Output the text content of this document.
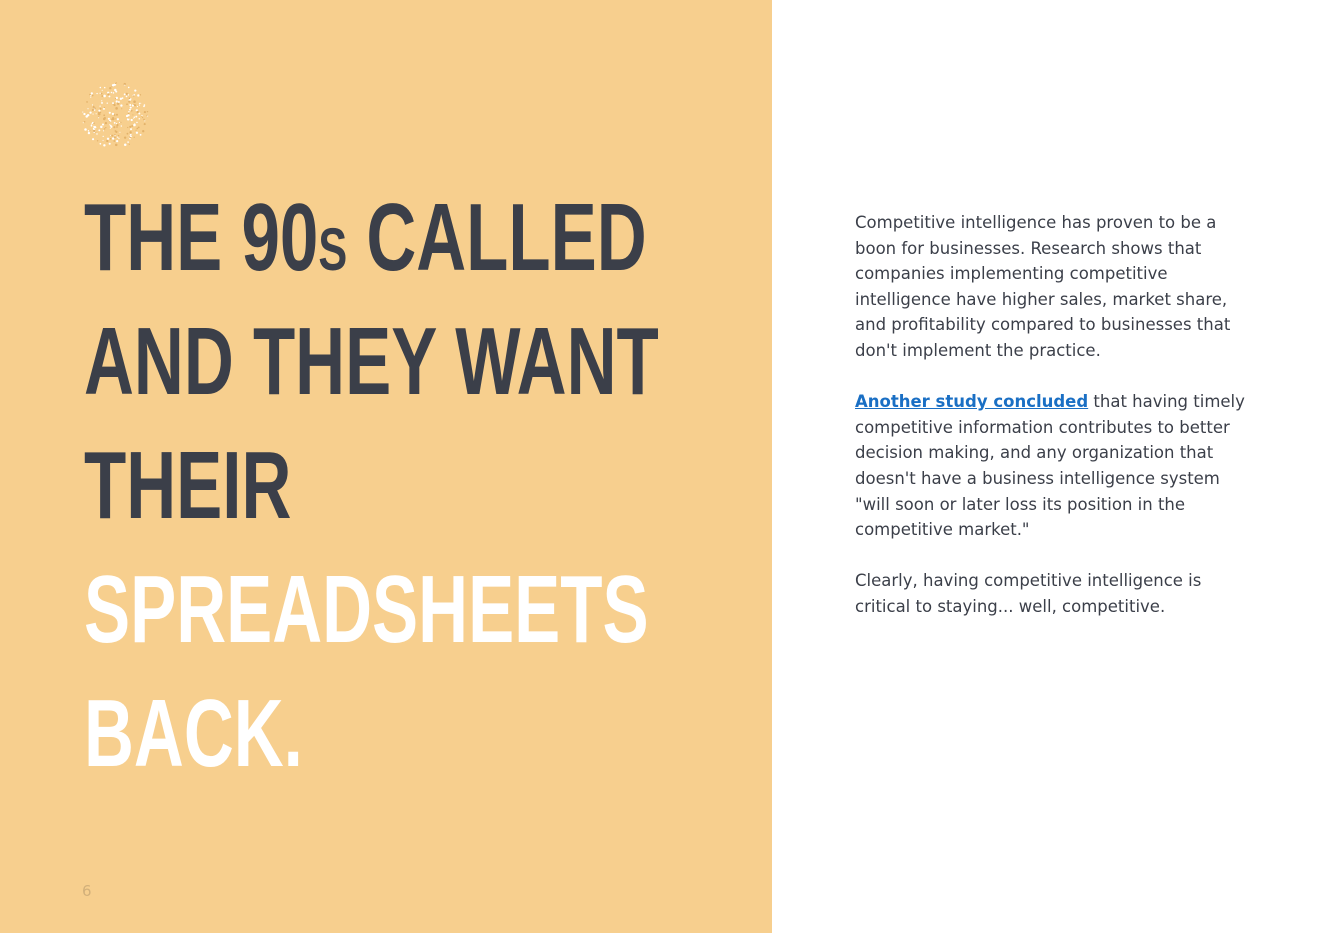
THE 90S CALLED
AND THEY WANT
THEIR
SPREADSHEETS
BACK.
6

Competitive intelligence has proven to be a boon for businesses. Research shows that companies implementing competitive intelligence have higher sales, market share, and profitability compared to businesses that don't implement the practice.

Another study concluded that having timely competitive information contributes to better decision making, and any organization that doesn't have a business intelligence system "will soon or later loss its position in the competitive market."

Clearly, having competitive intelligence is critical to staying... well, competitive.
